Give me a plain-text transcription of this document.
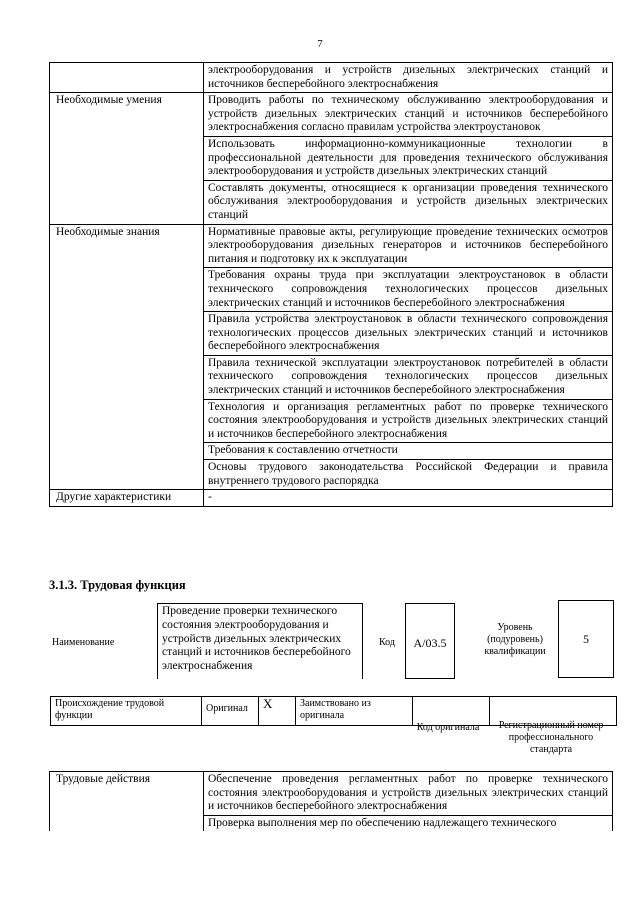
7
	электрооборудования и устройств дизельных электрических станций и источников бесперебойного электроснабжения
Необходимые умения	Проводить работы по техническому обслуживанию электрооборудования и устройств дизельных электрических станций и источников бесперебойного электроснабжения согласно правилам устройства электроустановок
	Использовать информационно-коммуникационные технологии в профессиональной деятельности для проведения технического обслуживания электрооборудования и устройств дизельных электрических станций
	Составлять документы, относящиеся к организации проведения технического обслуживания электрооборудования и устройств дизельных электрических станций
Необходимые знания	Нормативные правовые акты, регулирующие проведение технических осмотров электрооборудования дизельных генераторов и источников бесперебойного питания и подготовку их к эксплуатации
	Требования охраны труда при эксплуатации электроустановок в области технического сопровождения технологических процессов дизельных электрических станций и источников бесперебойного электроснабжения
	Правила устройства электроустановок в области технического сопровождения технологических процессов дизельных электрических станций и источников бесперебойного электроснабжения
	Правила технической эксплуатации электроустановок потребителей в области технического сопровождения технологических процессов дизельных электрических станций и источников бесперебойного электроснабжения
	Технология и организация регламентных работ по проверке технического состояния электрооборудования и устройств дизельных электрических станций и источников бесперебойного электроснабжения
	Требования к составлению отчетности
	Основы трудового законодательства Российской Федерации и правила внутреннего трудового распорядка
Другие характеристики	-
3.1.3. Трудовая функция
Наименование
Проведение проверки технического состояния электрооборудования и устройств дизельных электрических станций и источников бесперебойного электроснабжения
Код	A/03.5
Уровень (подуровень) квалификации
5
Происхождение трудовой функции	Оригинал	X	Заимствовано из оригинала		
Код оригинала	Регистрационный номер профессионального стандарта
Трудовые действия	Обеспечение проведения регламентных работ по проверке технического состояния электрооборудования и устройств дизельных электрических станций и источников бесперебойного электроснабжения
Проверка выполнения мер по обеспечению надлежащего технического
